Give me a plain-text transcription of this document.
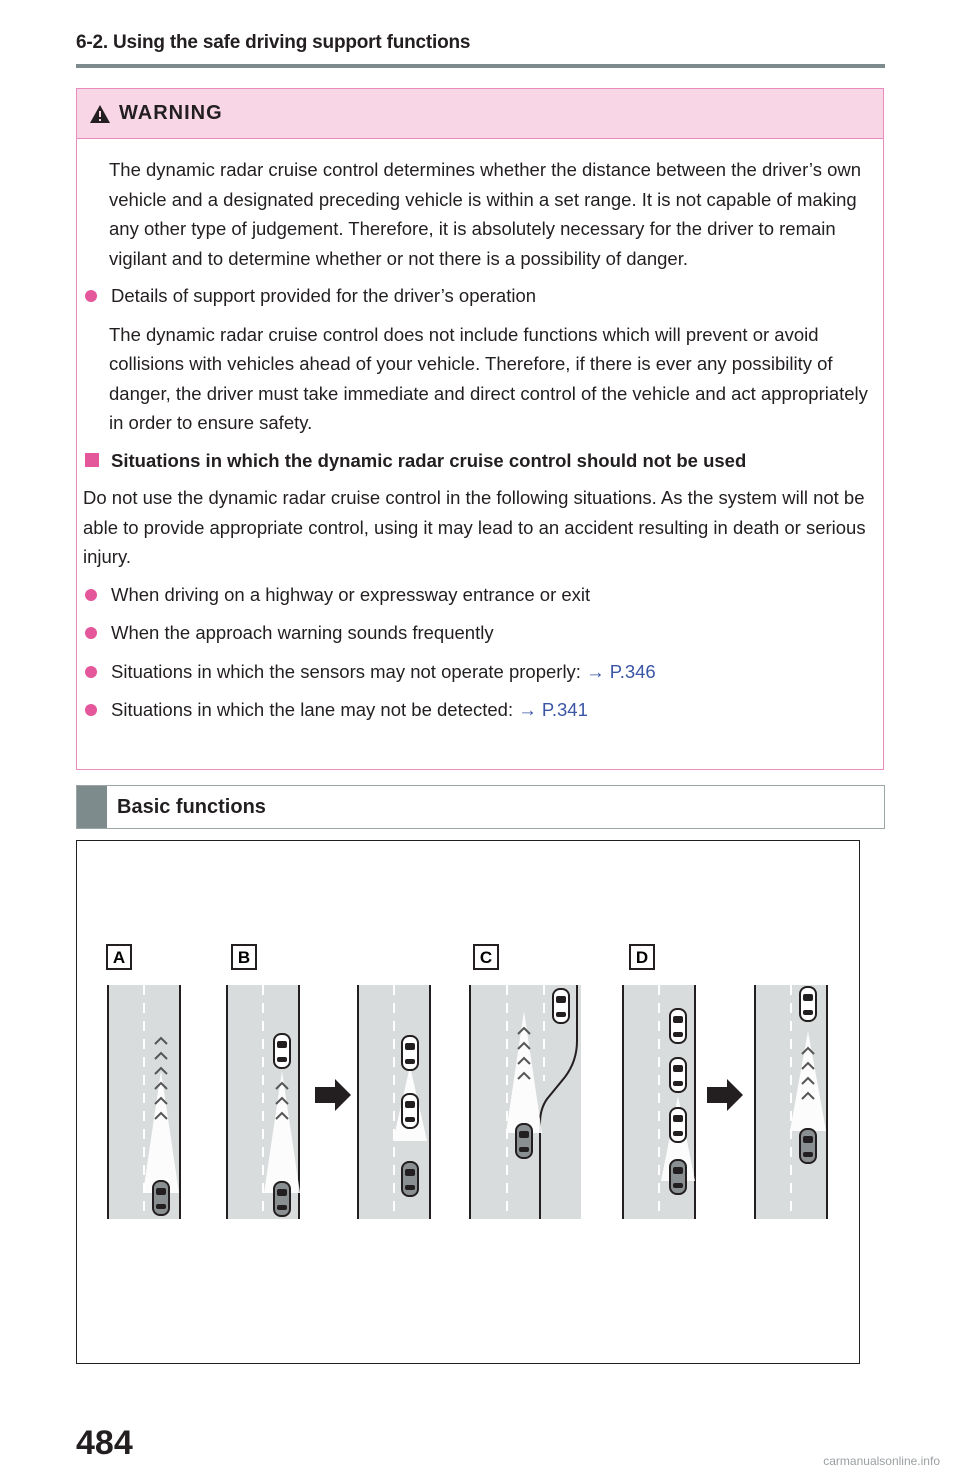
6-2. Using the safe driving support functions
WARNING

The dynamic radar cruise control determines whether the distance between the driver’s own vehicle and a designated preceding vehicle is within a set range. It is not capable of making any other type of judgement. Therefore, it is absolutely necessary for the driver to remain vigilant and to determine whether or not there is a possibility of danger.

Details of support provided for the driver’s operation

The dynamic radar cruise control does not include functions which will prevent or avoid collisions with vehicles ahead of your vehicle. Therefore, if there is ever any possibility of danger, the driver must take immediate and direct control of the vehicle and act appropriately in order to ensure safety.

Situations in which the dynamic radar cruise control should not be used

Do not use the dynamic radar cruise control in the following situations. As the system will not be able to provide appropriate control, using it may lead to an accident resulting in death or serious injury.

When driving on a highway or expressway entrance or exit
When the approach warning sounds frequently
Situations in which the sensors may not operate properly: → P.346
Situations in which the lane may not be detected: → P.341
Basic functions
A	B	C	D
484	carmanualsonline.info
